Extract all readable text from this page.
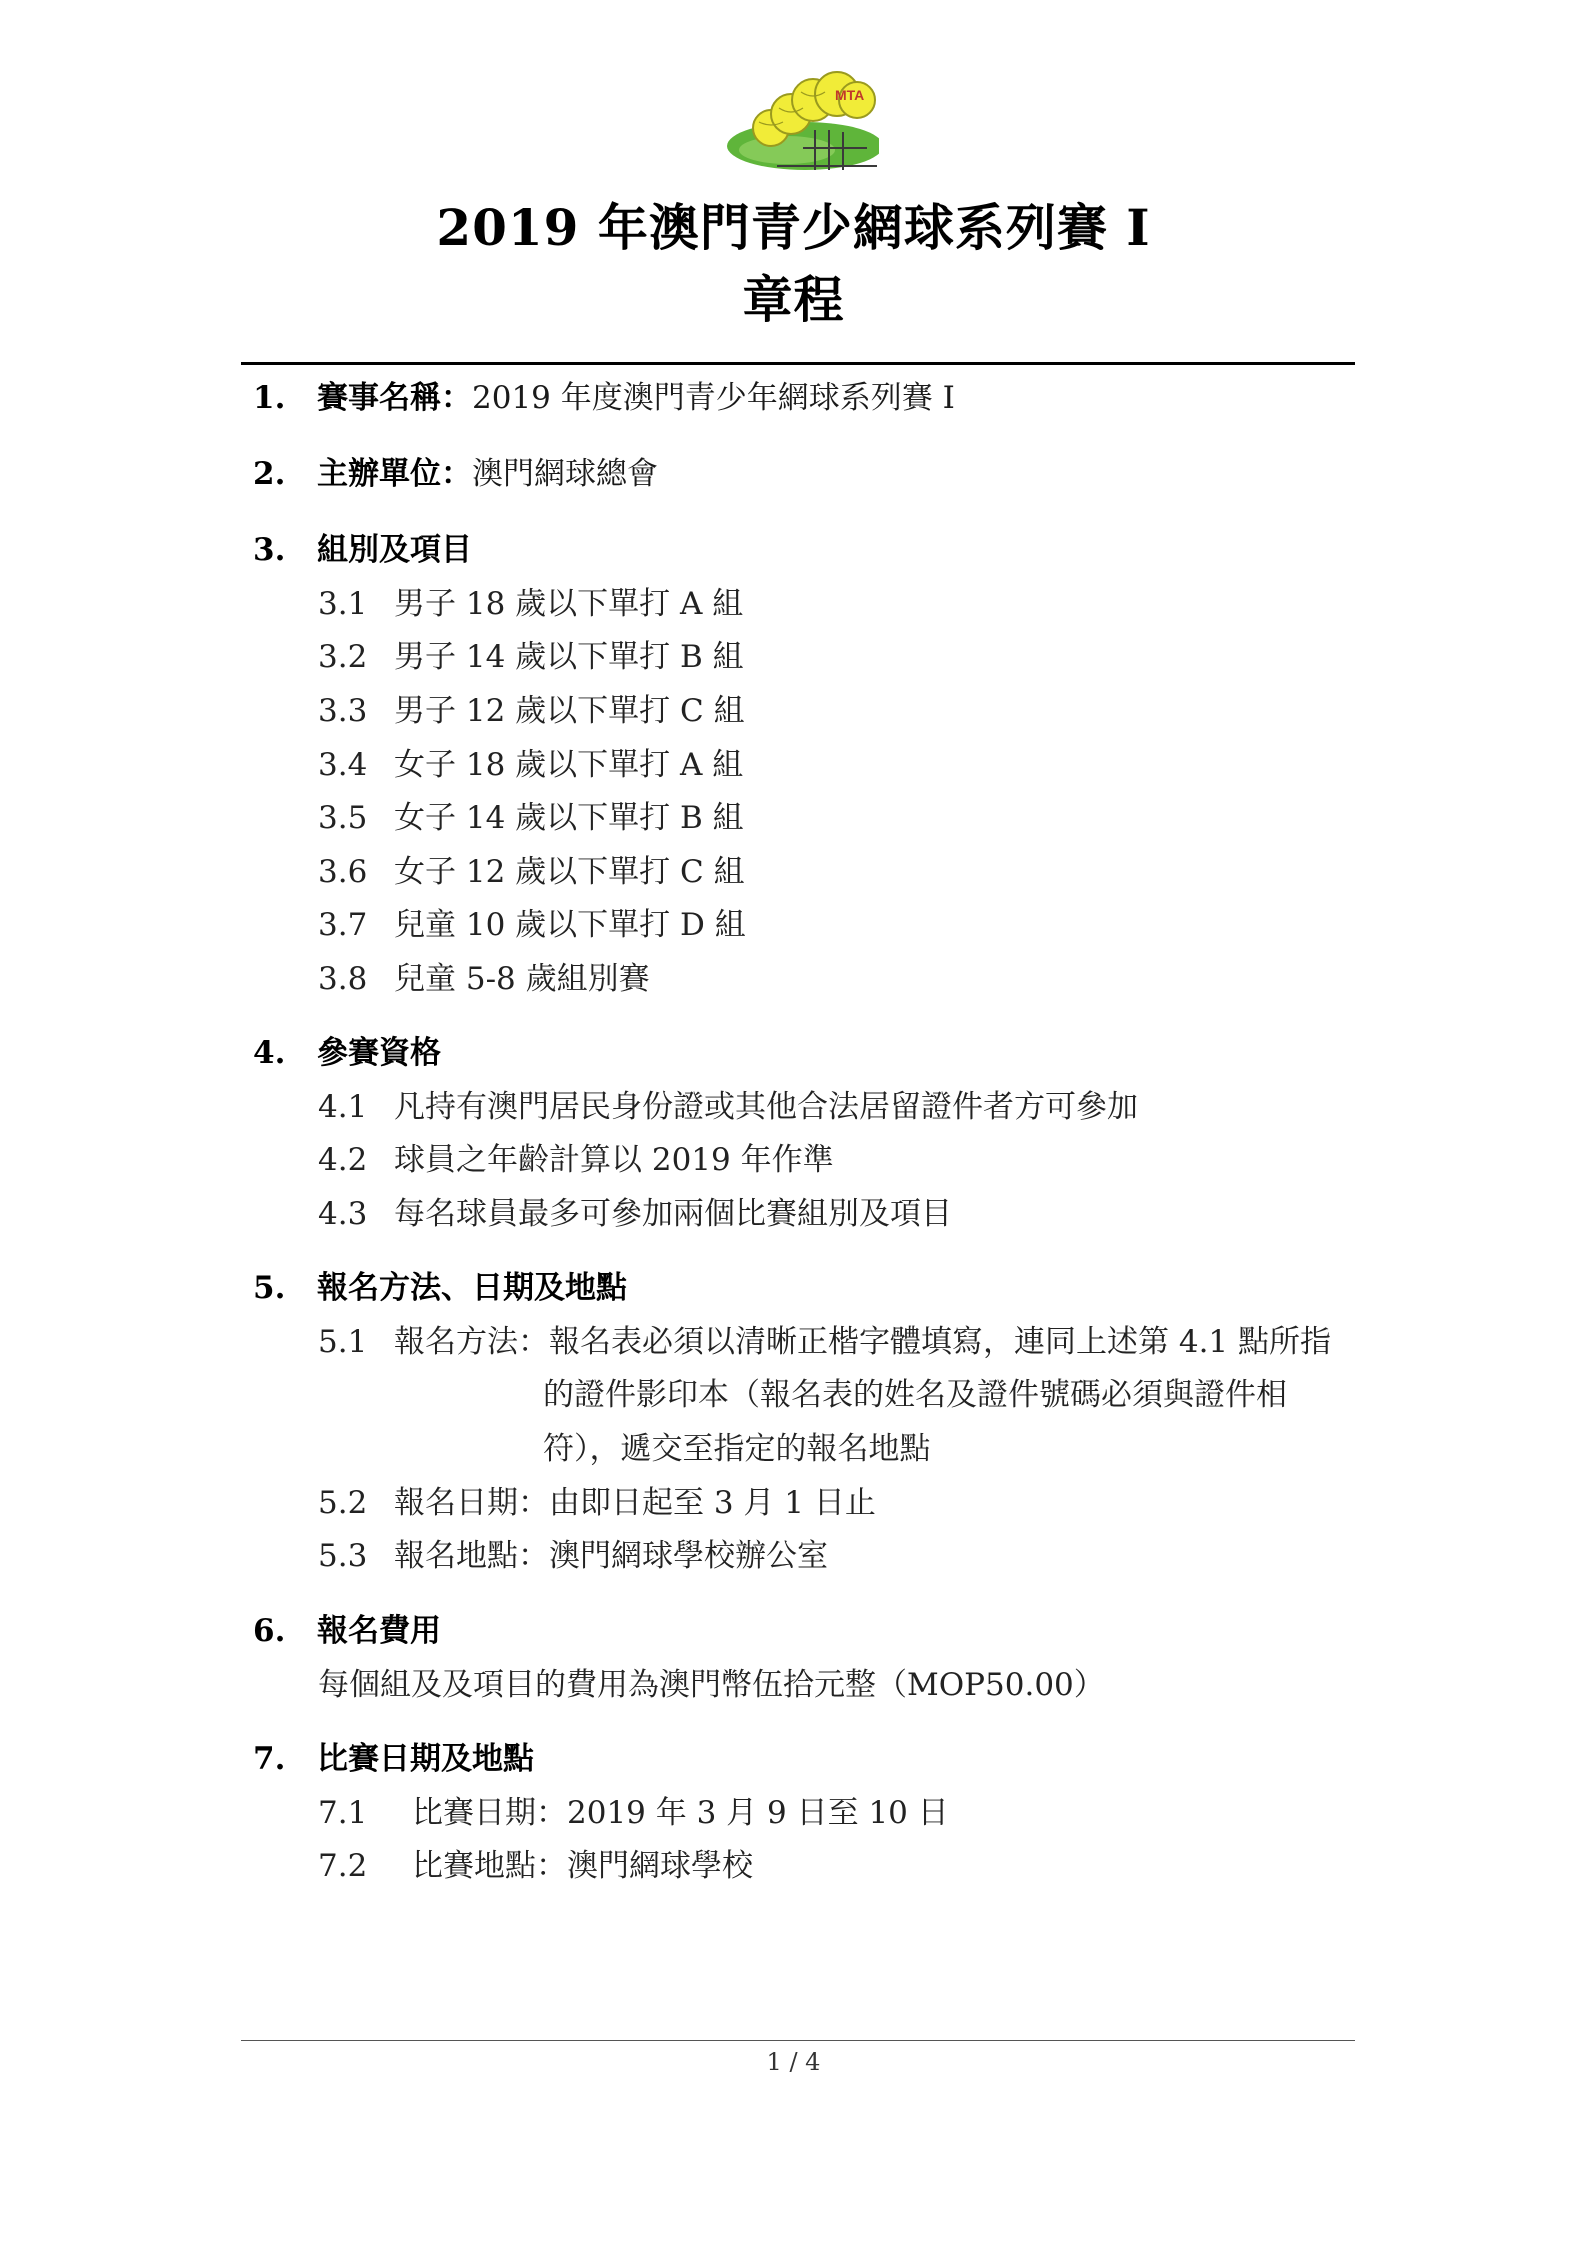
MTA
2019 年澳門青少網球系列賽 I
章程
1. 賽事名稱：2019 年度澳門青少年網球系列賽 I
2. 主辦單位：澳門網球總會
3. 組別及項目
3.1 男子 18 歲以下單打 A 組
3.2 男子 14 歲以下單打 B 組
3.3 男子 12 歲以下單打 C 組
3.4 女子 18 歲以下單打 A 組
3.5 女子 14 歲以下單打 B 組
3.6 女子 12 歲以下單打 C 組
3.7 兒童 10 歲以下單打 D 組
3.8 兒童 5-8 歲組別賽
4. 參賽資格
4.1 凡持有澳門居民身份證或其他合法居留證件者方可參加
4.2 球員之年齡計算以 2019 年作準
4.3 每名球員最多可參加兩個比賽組別及項目
5. 報名方法、日期及地點
5.1 報名方法：報名表必須以清晰正楷字體填寫，連同上述第 4.1 點所指
的證件影印本（報名表的姓名及證件號碼必須與證件相
符），遞交至指定的報名地點
5.2 報名日期：由即日起至 3 月 1 日止
5.3 報名地點：澳門網球學校辦公室
6. 報名費用
每個組及及項目的費用為澳門幣伍拾元整（MOP50.00）
7. 比賽日期及地點
7.1 比賽日期：2019 年 3 月 9 日至 10 日
7.2 比賽地點：澳門網球學校
1 / 4
